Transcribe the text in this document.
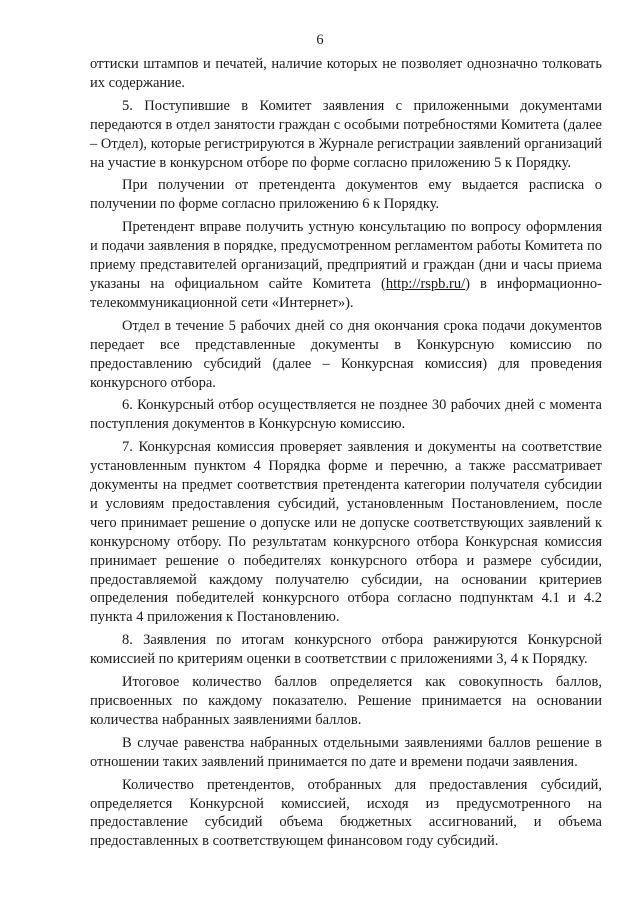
6

оттиски штампов и печатей, наличие которых не позволяет однозначно толковать их содержание.

5. Поступившие в Комитет заявления с приложенными документами передаются в отдел занятости граждан с особыми потребностями Комитета (далее – Отдел), которые регистрируются в Журнале регистрации заявлений организаций на участие в конкурсном отборе по форме согласно приложению 5 к Порядку.

При получении от претендента документов ему выдается расписка о получении по форме согласно приложению 6 к Порядку.

Претендент вправе получить устную консультацию по вопросу оформления и подачи заявления в порядке, предусмотренном регламентом работы Комитета по приему представителей организаций, предприятий и граждан (дни и часы приема указаны на официальном сайте Комитета (http://rspb.ru/) в информационно-телекоммуникационной сети «Интернет»).

Отдел в течение 5 рабочих дней со дня окончания срока подачи документов передает все представленные документы в Конкурсную комиссию по предоставлению субсидий (далее – Конкурсная комиссия) для проведения конкурсного отбора.

6. Конкурсный отбор осуществляется не позднее 30 рабочих дней с момента поступления документов в Конкурсную комиссию.

7. Конкурсная комиссия проверяет заявления и документы на соответствие установленным пунктом 4 Порядка форме и перечню, а также рассматривает документы на предмет соответствия претендента категории получателя субсидии и условиям предоставления субсидий, установленным Постановлением, после чего принимает решение о допуске или не допуске соответствующих заявлений к конкурсному отбору. По результатам конкурсного отбора Конкурсная комиссия принимает решение о победителях конкурсного отбора и размере субсидии, предоставляемой каждому получателю субсидии, на основании критериев определения победителей конкурсного отбора согласно подпунктам 4.1 и 4.2 пункта 4 приложения к Постановлению.

8. Заявления по итогам конкурсного отбора ранжируются Конкурсной комиссией по критериям оценки в соответствии с приложениями 3, 4 к Порядку.

Итоговое количество баллов определяется как совокупность баллов, присвоенных по каждому показателю. Решение принимается на основании количества набранных заявлениями баллов.

В случае равенства набранных отдельными заявлениями баллов решение в отношении таких заявлений принимается по дате и времени подачи заявления.

Количество претендентов, отобранных для предоставления субсидий, определяется Конкурсной комиссией, исходя из предусмотренного на предоставление субсидий объема бюджетных ассигнований, и объема предоставленных в соответствующем финансовом году субсидий.
